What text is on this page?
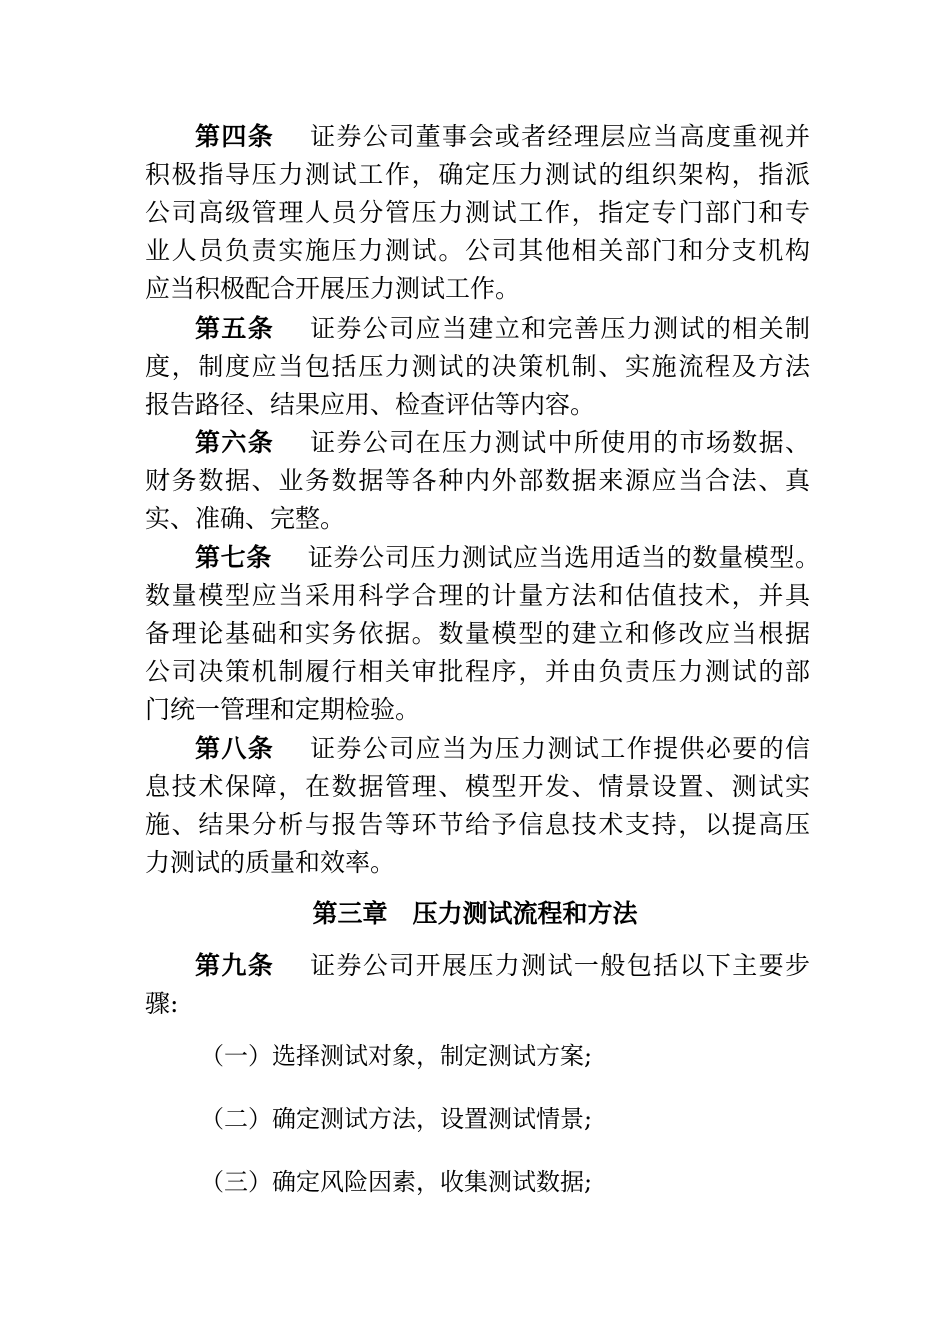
第四条 证券公司董事会或者经理层应当高度重视并
积极指导压力测试工作，确定压力测试的组织架构，指派
公司高级管理人员分管压力测试工作，指定专门部门和专
业人员负责实施压力测试。公司其他相关部门和分支机构
应当积极配合开展压力测试工作。
第五条 证券公司应当建立和完善压力测试的相关制
度，制度应当包括压力测试的决策机制、实施流程及方法
报告路径、结果应用、检查评估等内容。
第六条 证券公司在压力测试中所使用的市场数据、
财务数据、业务数据等各种内外部数据来源应当合法、真
实、准确、完整。
第七条 证券公司压力测试应当选用适当的数量模型。
数量模型应当采用科学合理的计量方法和估值技术，并具
备理论基础和实务依据。数量模型的建立和修改应当根据
公司决策机制履行相关审批程序，并由负责压力测试的部
门统一管理和定期检验。
第八条 证券公司应当为压力测试工作提供必要的信
息技术保障，在数据管理、模型开发、情景设置、测试实
施、结果分析与报告等环节给予信息技术支持，以提高压
力测试的质量和效率。
第三章　压力测试流程和方法
第九条 证券公司开展压力测试一般包括以下主要步
骤:
（一）选择测试对象，制定测试方案;
（二）确定测试方法，设置测试情景;
（三）确定风险因素，收集测试数据;
